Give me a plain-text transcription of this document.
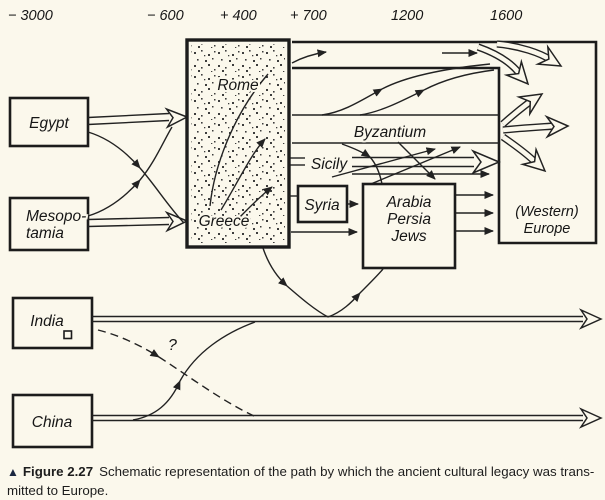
− 3000	− 600	+ 400 + 700	1200	1600
(Western)
Europe
Byzantium
Sicily
Egypt
Mesopo-
tamia
Rome
Greece
Syria	Arabia
Persia
Jews
India
China
?
▲ Figure 2.27 Schematic representation of the path by which the ancient cultural legacy was trans-
mitted to Europe.
